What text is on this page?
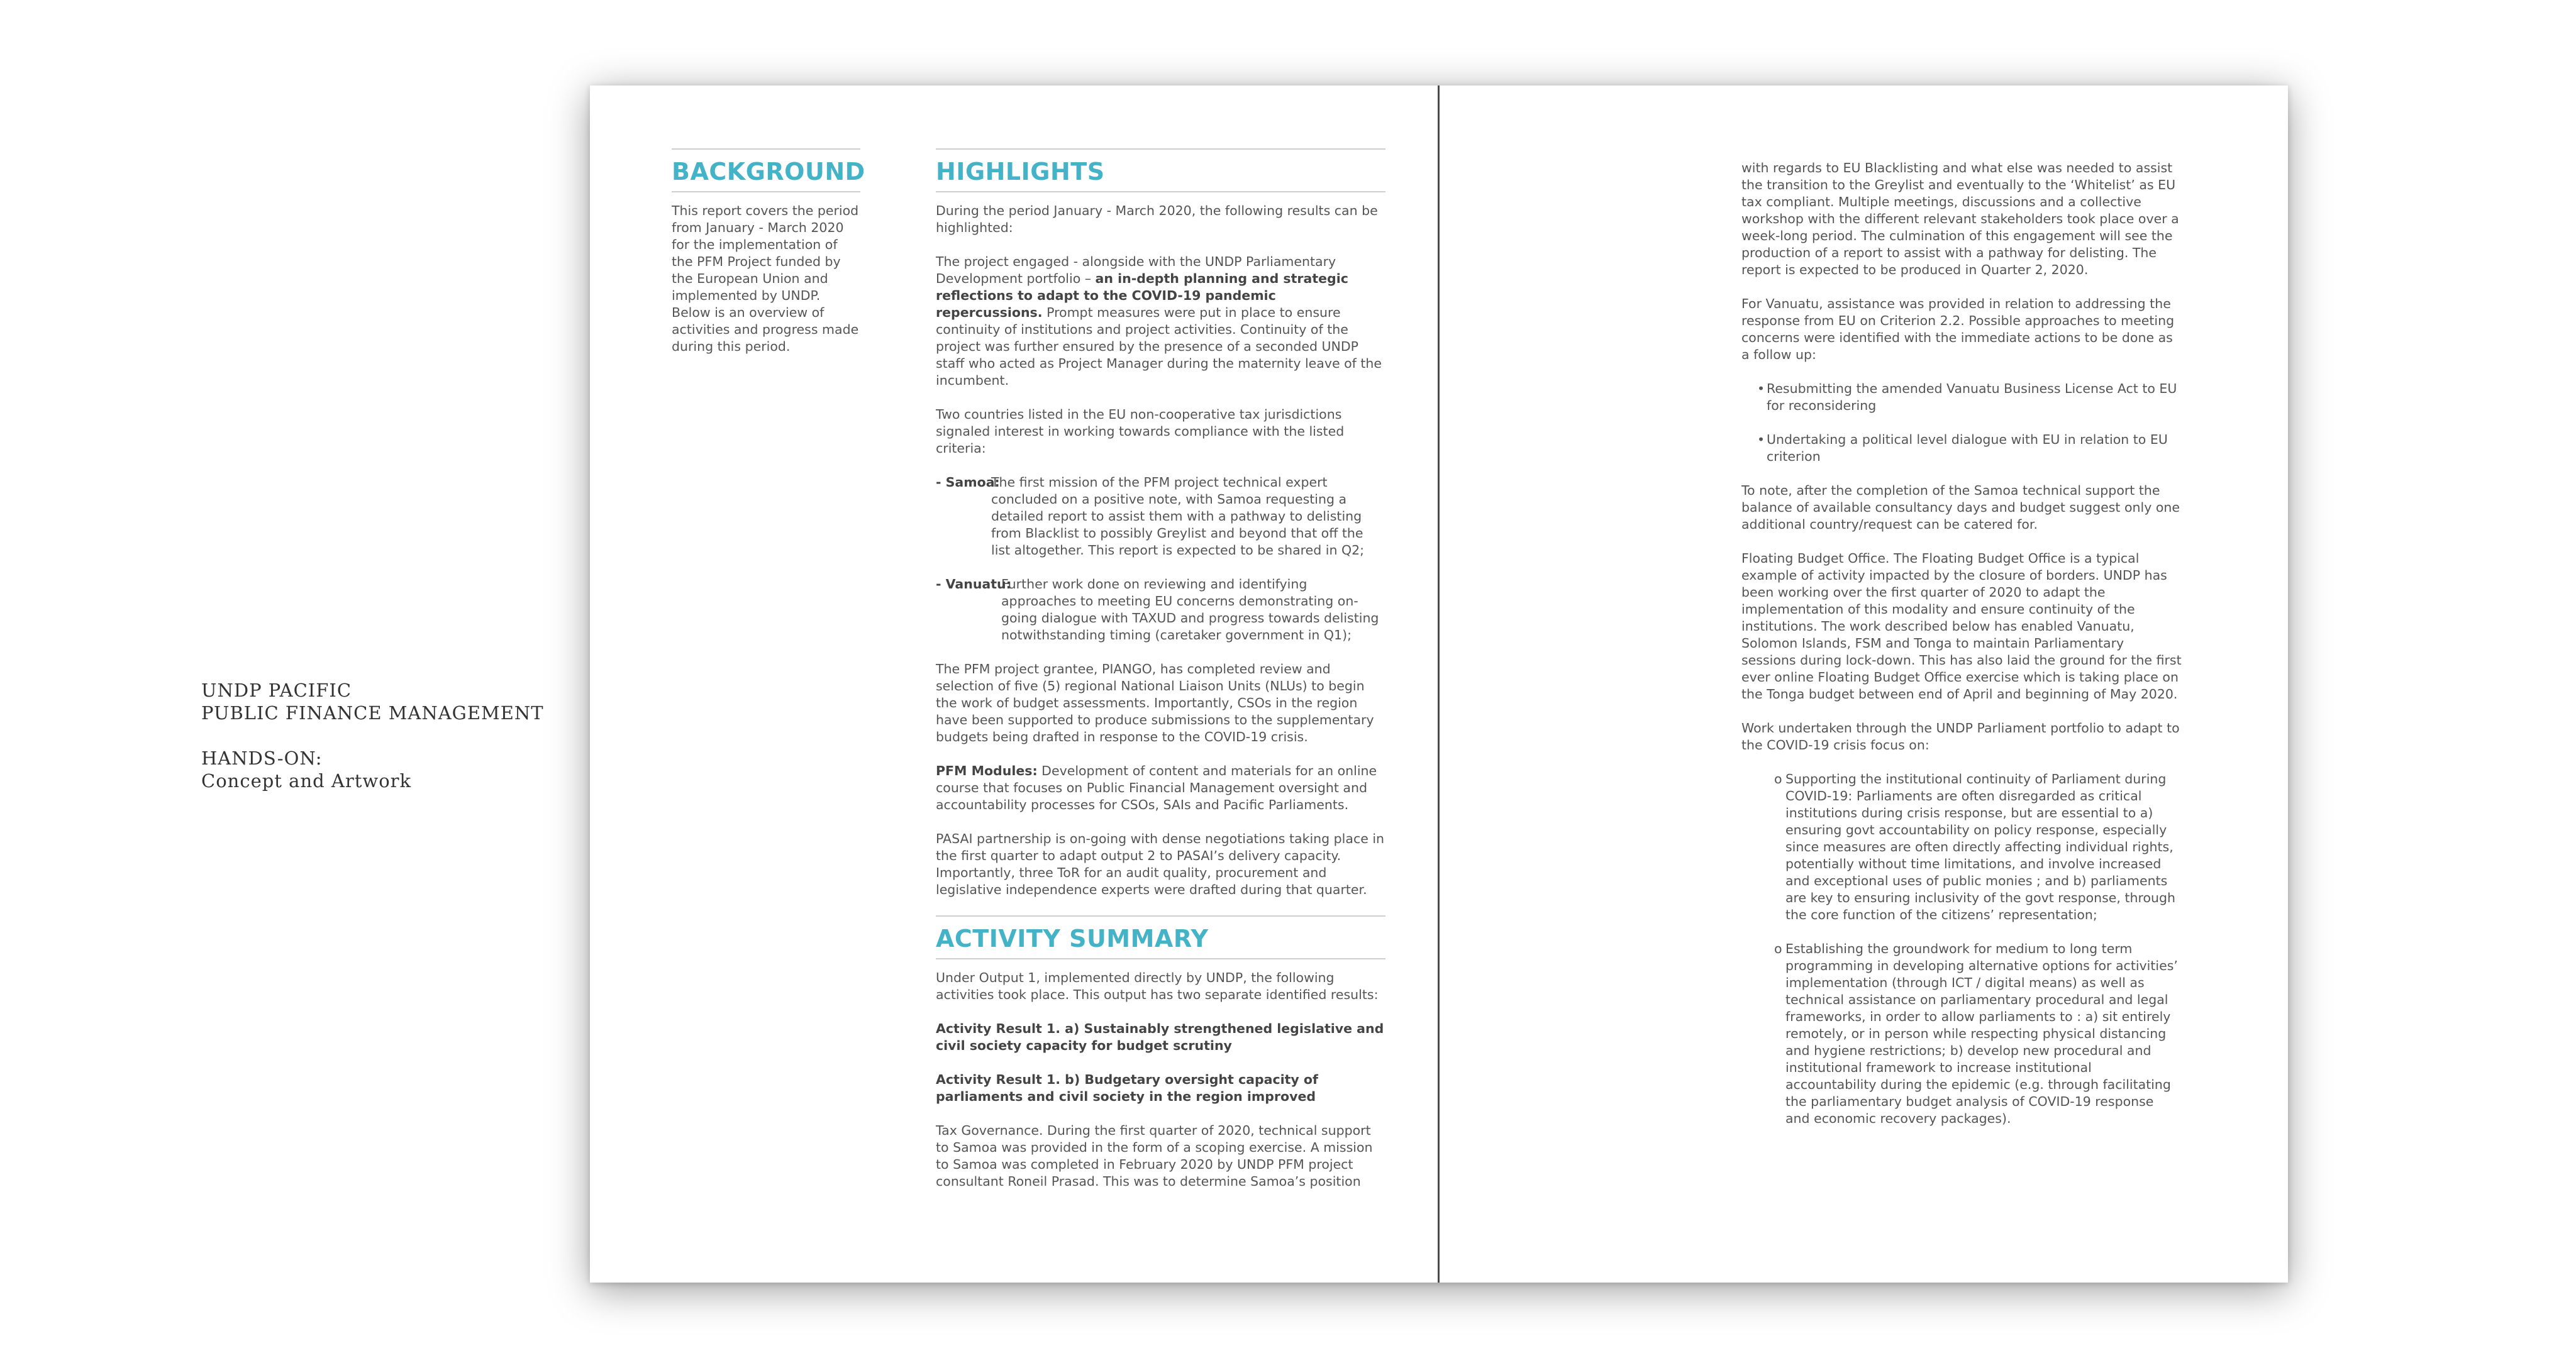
UNDP PACIFIC
PUBLIC FINANCE MANAGEMENT
HANDS-ON:
Concept and Artwork
BACKGROUND

This report covers the period from January - March 2020 for the implementation of the PFM Project funded by the European Union and implemented by UNDP. Below is an overview of activities and progress made during this period.

HIGHLIGHTS

During the period January - March 2020, the following results can be highlighted:

The project engaged - alongside with the UNDP Parliamentary Development portfolio – an in-depth planning and strategic reflections to adapt to the COVID-19 pandemic repercussions. Prompt measures were put in place to ensure continuity of institutions and project activities. Continuity of the project was further ensured by the presence of a seconded UNDP staff who acted as Project Manager during the maternity leave of the incumbent.

Two countries listed in the EU non-cooperative tax jurisdictions signaled interest in working towards compliance with the listed criteria:

- Samoa:
The first mission of the PFM project technical expert concluded on a positive note, with Samoa requesting a detailed report to assist them with a pathway to delisting from Blacklist to possibly Greylist and beyond that off the list altogether. This report is expected to be shared in Q2;

- Vanuatu:
Further work done on reviewing and identifying approaches to meeting EU concerns demonstrating on-going dialogue with TAXUD and progress towards delisting notwithstanding timing (caretaker government in Q1);

The PFM project grantee, PIANGO, has completed review and selection of five (5) regional National Liaison Units (NLUs) to begin the work of budget assessments. Importantly, CSOs in the region have been supported to produce submissions to the supplementary budgets being drafted in response to the COVID-19 crisis.

PFM Modules: Development of content and materials for an online course that focuses on Public Financial Management oversight and accountability processes for CSOs, SAIs and Pacific Parliaments.

PASAI partnership is on-going with dense negotiations taking place in the first quarter to adapt output 2 to PASAI’s delivery capacity. Importantly, three ToR for an audit quality, procurement and legislative independence experts were drafted during that quarter.

ACTIVITY SUMMARY

Under Output 1, implemented directly by UNDP, the following activities took place. This output has two separate identified results:

Activity Result 1. a) Sustainably strengthened legislative and civil society capacity for budget scrutiny

Activity Result 1. b) Budgetary oversight capacity of parliaments and civil society in the region improved

Tax Governance. During the first quarter of 2020, technical support to Samoa was provided in the form of a scoping exercise. A mission to Samoa was completed in February 2020 by UNDP PFM project consultant Roneil Prasad. This was to determine Samoa’s position

with regards to EU Blacklisting and what else was needed to assist the transition to the Greylist and eventually to the ‘Whitelist’ as EU tax compliant. Multiple meetings, discussions and a collective workshop with the different relevant stakeholders took place over a week-long period. The culmination of this engagement will see the production of a report to assist with a pathway for delisting. The report is expected to be produced in Quarter 2, 2020.

For Vanuatu, assistance was provided in relation to addressing the response from EU on Criterion 2.2. Possible approaches to meeting concerns were identified with the immediate actions to be done as a follow up:

• Resubmitting the amended Vanuatu Business License Act to EU for reconsidering
• Undertaking a political level dialogue with EU in relation to EU criterion

To note, after the completion of the Samoa technical support the balance of available consultancy days and budget suggest only one additional country/request can be catered for.

Floating Budget Office. The Floating Budget Office is a typical example of activity impacted by the closure of borders. UNDP has been working over the first quarter of 2020 to adapt the implementation of this modality and ensure continuity of the institutions. The work described below has enabled Vanuatu, Solomon Islands, FSM and Tonga to maintain Parliamentary sessions during lock-down. This has also laid the ground for the first ever online Floating Budget Office exercise which is taking place on the Tonga budget between end of April and beginning of May 2020.

Work undertaken through the UNDP Parliament portfolio to adapt to the COVID-19 crisis focus on:

o Supporting the institutional continuity of Parliament during COVID-19: Parliaments are often disregarded as critical institutions during crisis response, but are essential to a) ensuring govt accountability on policy response, especially since measures are often directly affecting individual rights, potentially without time limitations, and involve increased and exceptional uses of public monies ; and b) parliaments are key to ensuring inclusivity of the govt response, through the core function of the citizens’ representation;
o Establishing the groundwork for medium to long term programming in developing alternative options for activities’ implementation (through ICT / digital means) as well as technical assistance on parliamentary procedural and legal frameworks, in order to allow parliaments to : a) sit entirely remotely, or in person while respecting physical distancing and hygiene restrictions; b) develop new procedural and institutional framework to increase institutional accountability during the epidemic (e.g. through facilitating the parliamentary budget analysis of COVID-19 response and economic recovery packages).
